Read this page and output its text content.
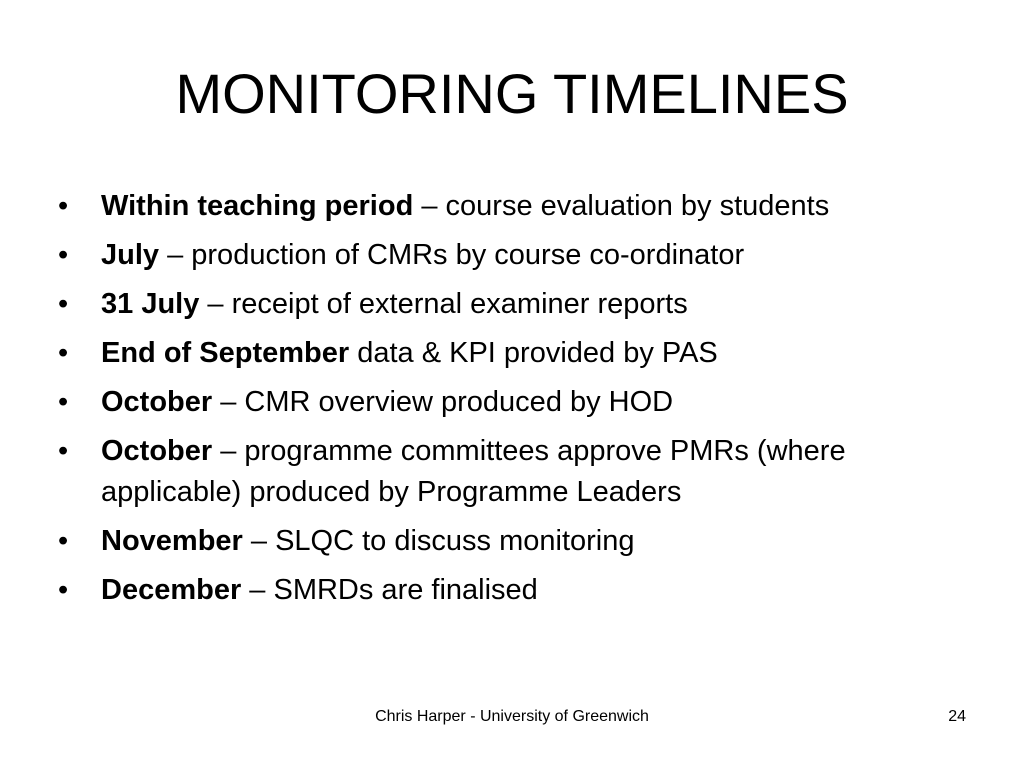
MONITORING TIMELINES
•	Within teaching period – course evaluation by students
•	July – production of CMRs by course co-ordinator
•	31 July – receipt of external examiner reports
•	End of September data & KPI provided by PAS
•	October – CMR overview produced by HOD
•	October – programme committees approve PMRs (where applicable) produced by Programme Leaders
•	November – SLQC to discuss monitoring
•	December – SMRDs are finalised
Chris Harper - University of Greenwich	24
